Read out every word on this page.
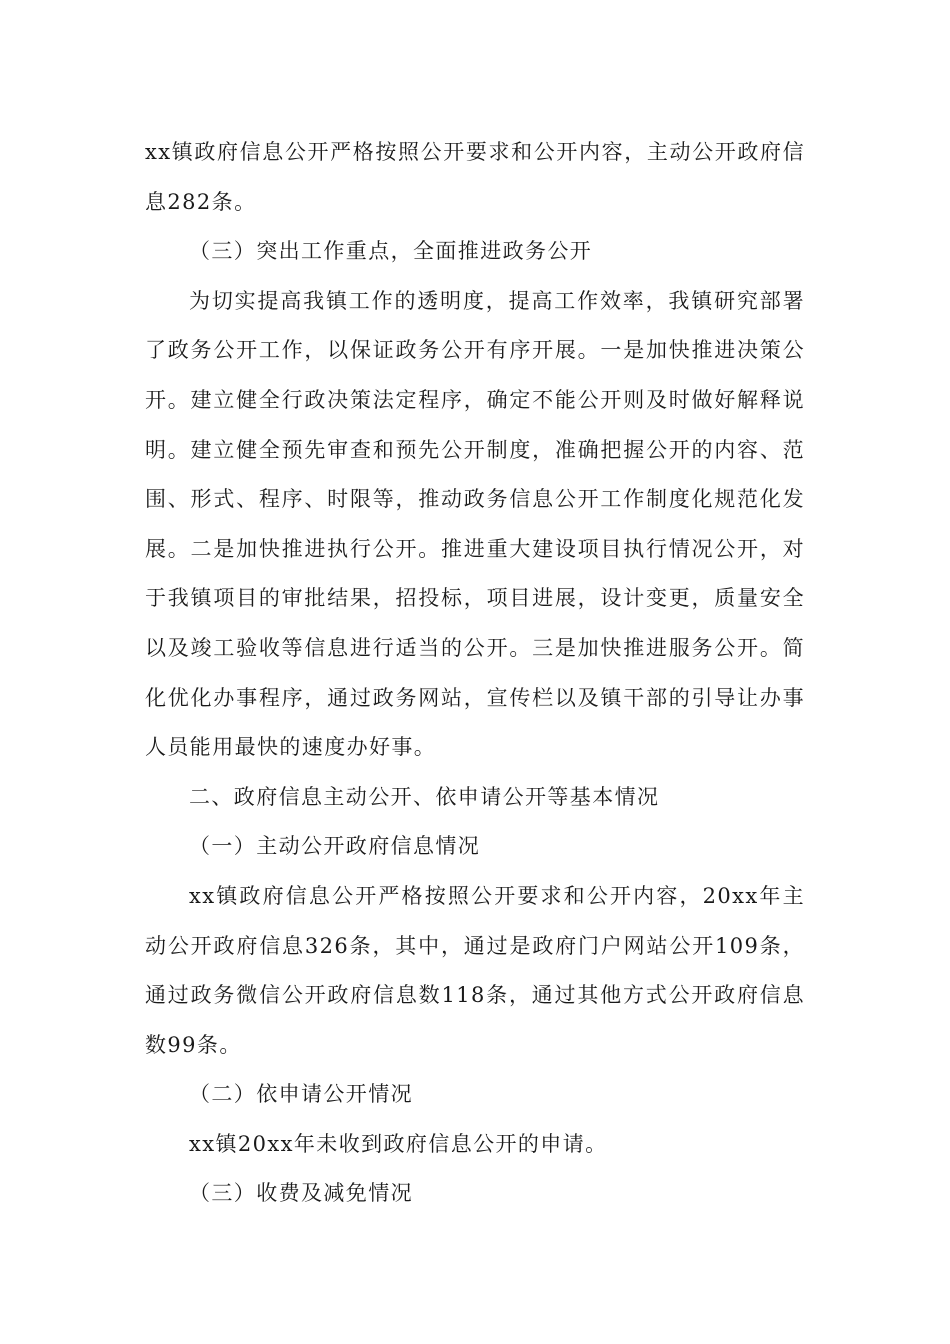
xx镇政府信息公开严格按照公开要求和公开内容，主动公开政府信息282条。

（三）突出工作重点，全面推进政务公开

为切实提高我镇工作的透明度，提高工作效率，我镇研究部署了政务公开工作，以保证政务公开有序开展。一是加快推进决策公开。建立健全行政决策法定程序，确定不能公开则及时做好解释说明。建立健全预先审查和预先公开制度，准确把握公开的内容、范围、形式、程序、时限等，推动政务信息公开工作制度化规范化发展。二是加快推进执行公开。推进重大建设项目执行情况公开，对于我镇项目的审批结果，招投标，项目进展，设计变更，质量安全以及竣工验收等信息进行适当的公开。三是加快推进服务公开。简化优化办事程序，通过政务网站，宣传栏以及镇干部的引导让办事人员能用最快的速度办好事。

二、政府信息主动公开、依申请公开等基本情况

（一）主动公开政府信息情况

xx镇政府信息公开严格按照公开要求和公开内容，20xx年主动公开政府信息326条，其中，通过是政府门户网站公开109条，通过政务微信公开政府信息数118条，通过其他方式公开政府信息数99条。

（二）依申请公开情况

xx镇20xx年未收到政府信息公开的申请。

（三）收费及减免情况
